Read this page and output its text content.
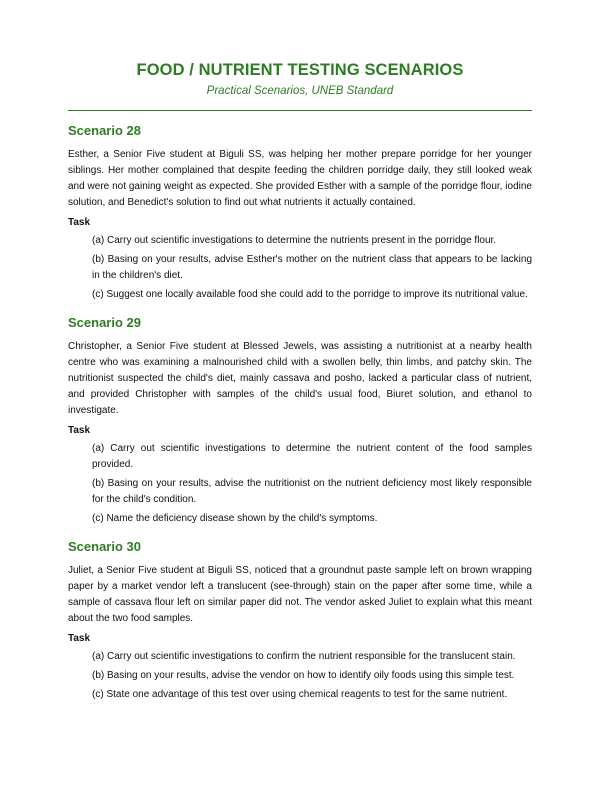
FOOD / NUTRIENT TESTING SCENARIOS
Practical Scenarios, UNEB Standard
Scenario 28

Esther, a Senior Five student at Biguli SS, was helping her mother prepare porridge for her younger siblings. Her mother complained that despite feeding the children porridge daily, they still looked weak and were not gaining weight as expected. She provided Esther with a sample of the porridge flour, iodine solution, and Benedict's solution to find out what nutrients it actually contained.

Task
(a) Carry out scientific investigations to determine the nutrients present in the porridge flour.
(b) Basing on your results, advise Esther's mother on the nutrient class that appears to be lacking in the children's diet.
(c) Suggest one locally available food she could add to the porridge to improve its nutritional value.
Scenario 29

Christopher, a Senior Five student at Blessed Jewels, was assisting a nutritionist at a nearby health centre who was examining a malnourished child with a swollen belly, thin limbs, and patchy skin. The nutritionist suspected the child's diet, mainly cassava and posho, lacked a particular class of nutrient, and provided Christopher with samples of the child's usual food, Biuret solution, and ethanol to investigate.

Task
(a) Carry out scientific investigations to determine the nutrient content of the food samples provided.
(b) Basing on your results, advise the nutritionist on the nutrient deficiency most likely responsible for the child's condition.
(c) Name the deficiency disease shown by the child's symptoms.
Scenario 30

Juliet, a Senior Five student at Biguli SS, noticed that a groundnut paste sample left on brown wrapping paper by a market vendor left a translucent (see-through) stain on the paper after some time, while a sample of cassava flour left on similar paper did not. The vendor asked Juliet to explain what this meant about the two food samples.

Task
(a) Carry out scientific investigations to confirm the nutrient responsible for the translucent stain.
(b) Basing on your results, advise the vendor on how to identify oily foods using this simple test.
(c) State one advantage of this test over using chemical reagents to test for the same nutrient.
